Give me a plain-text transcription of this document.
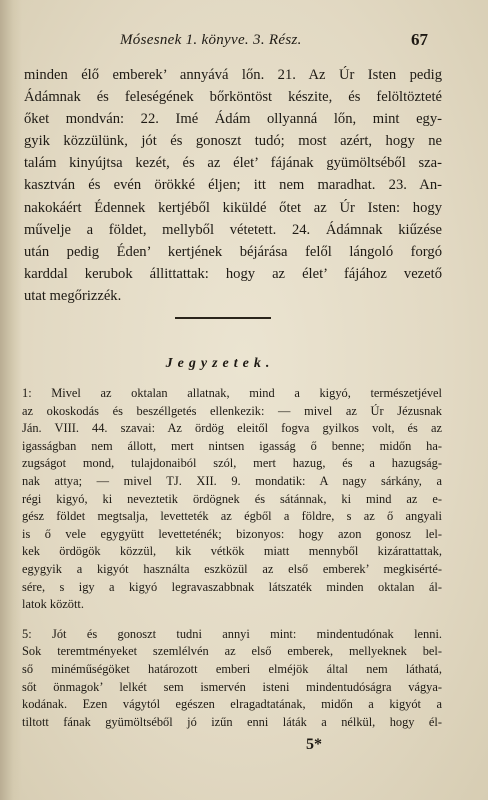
Mósesnek 1. könyve. 3. Rész.	67
minden élő emberek’ annyává lőn. 21. Az Úr Isten pedig
Ádámnak és feleségének bőrköntöst készite, és felöltözteté
őket mondván: 22. Imé Ádám ollyanná lőn, mint egy-
gyik közzülünk, jót és gonoszt tudó; most azért, hogy ne
talám kinyújtsa kezét, és az élet’ fájának gyümöltséből sza-
kasztván és evén örökké éljen; itt nem maradhat. 23. An-
nakokáért Édennek kertjéből kiküldé őtet az Úr Isten: hogy
művelje a földet, mellyből vétetett. 24. Ádámnak kiűzése
után pedig Éden’ kertjének béjárása felől lángoló forgó
karddal kerubok állittattak: hogy az élet’ fájához vezető
utat megőrizzék.
Jegyzetek.
1: Mivel az oktalan allatnak, mind a kigyó, természetjével
az okoskodás és beszéllgetés ellenkezik: — mivel az Úr Jézusnak
Ján. VIII. 44. szavai: Az ördög eleitől fogva gyilkos volt, és az
igasságban nem állott, mert nintsen igasság ő benne; midőn ha-
zugságot mond, tulajdonaiból szól, mert hazug, és a hazugság-
nak attya; — mivel TJ. XII. 9. mondatik: A nagy sárkány, a
régi kigyó, ki neveztetik ördögnek és sátánnak, ki mind az e-
gész földet megtsalja, levetteték az égből a földre, s az ő angyali
is ő vele egygyütt levetteténék; bizonyos: hogy azon gonosz lel-
kek ördögök közzül, kik vétkök miatt mennyből kizárattattak,
egygyik a kigyót használta eszközül az első emberek’ megkisérté-
sére, s igy a kigyó legravaszabbnak látszaték minden oktalan ál-
latok között.
5: Jót és gonoszt tudni annyi mint: mindentudónak lenni.
Sok teremtményeket szemlélvén az első emberek, mellyeknek bel-
ső minéműségöket határozott emberi elméjök által nem láthatá,
sőt önmagok’ lelkét sem ismervén isteni mindentudóságra vágya-
kodának. Ezen vágytól egészen elragadtatának, midőn a kigyót a
tiltott fának gyümöltséből jó izűn enni láták a nélkül, hogy él-
5*
